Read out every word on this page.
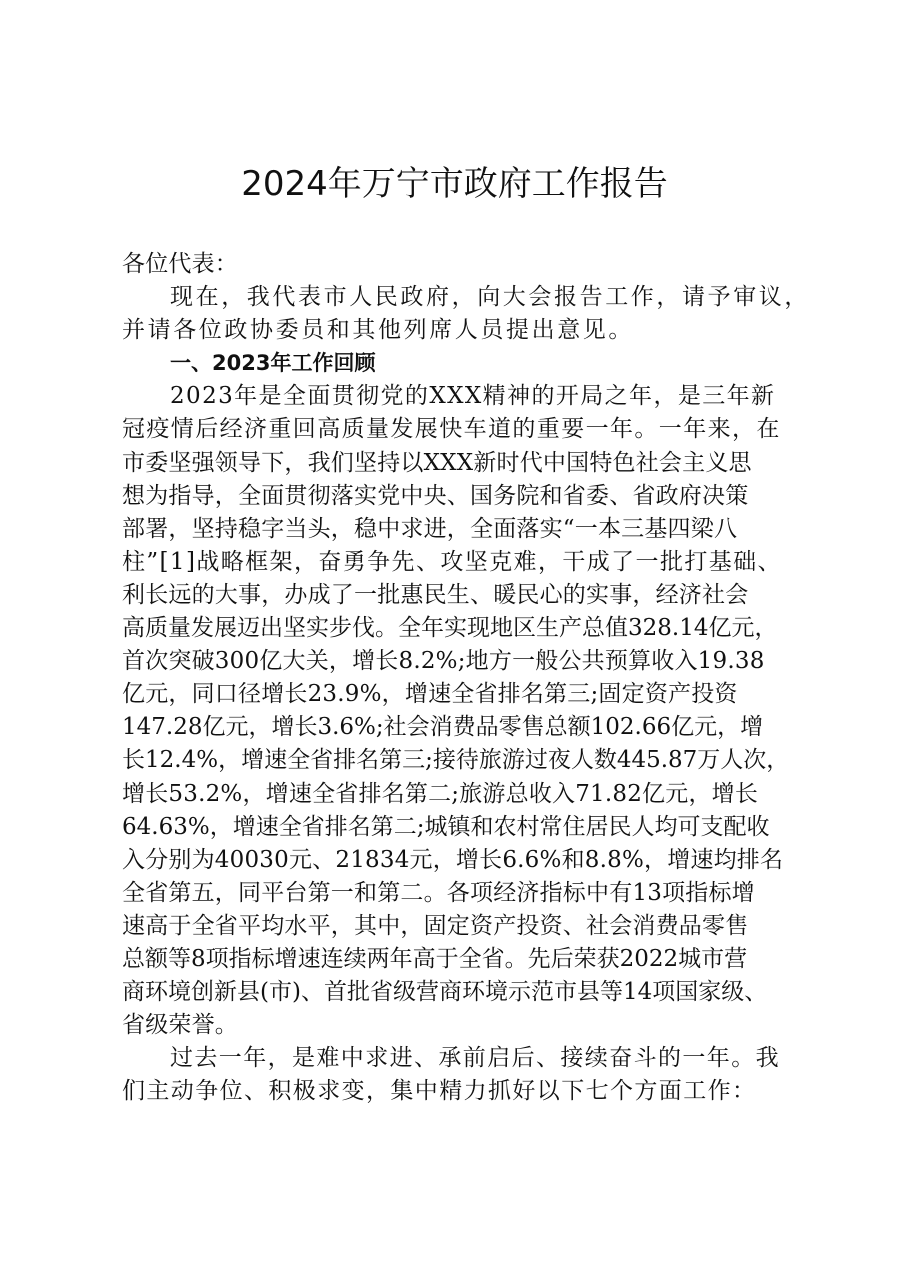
2024年万宁市政府工作报告
各位代表：
现在，我代表市人民政府，向大会报告工作，请予审议，
并请各位政协委员和其他列席人员提出意见。
一、2023年工作回顾
2023年是全面贯彻党的XXX精神的开局之年，是三年新
冠疫情后经济重回高质量发展快车道的重要一年。一年来，在
市委坚强领导下，我们坚持以XXX新时代中国特色社会主义思
想为指导，全面贯彻落实党中央、国务院和省委、省政府决策
部署，坚持稳字当头，稳中求进，全面落实“一本三基四梁八
柱”[1]战略框架，奋勇争先、攻坚克难，干成了一批打基础、
利长远的大事，办成了一批惠民生、暖民心的实事，经济社会
高质量发展迈出坚实步伐。全年实现地区生产总值328.14亿元，
首次突破300亿大关，增长8.2%;地方一般公共预算收入19.38
亿元，同口径增长23.9%，增速全省排名第三;固定资产投资
147.28亿元，增长3.6%;社会消费品零售总额102.66亿元，增
长12.4%，增速全省排名第三;接待旅游过夜人数445.87万人次，
增长53.2%，增速全省排名第二;旅游总收入71.82亿元，增长
64.63%，增速全省排名第二;城镇和农村常住居民人均可支配收
入分别为40030元、21834元，增长6.6%和8.8%，增速均排名
全省第五，同平台第一和第二。各项经济指标中有13项指标增
速高于全省平均水平，其中，固定资产投资、社会消费品零售
总额等8项指标增速连续两年高于全省。先后荣获2022城市营
商环境创新县(市)、首批省级营商环境示范市县等14项国家级、
省级荣誉。
过去一年，是难中求进、承前启后、接续奋斗的一年。我
们主动争位、积极求变，集中精力抓好以下七个方面工作：
